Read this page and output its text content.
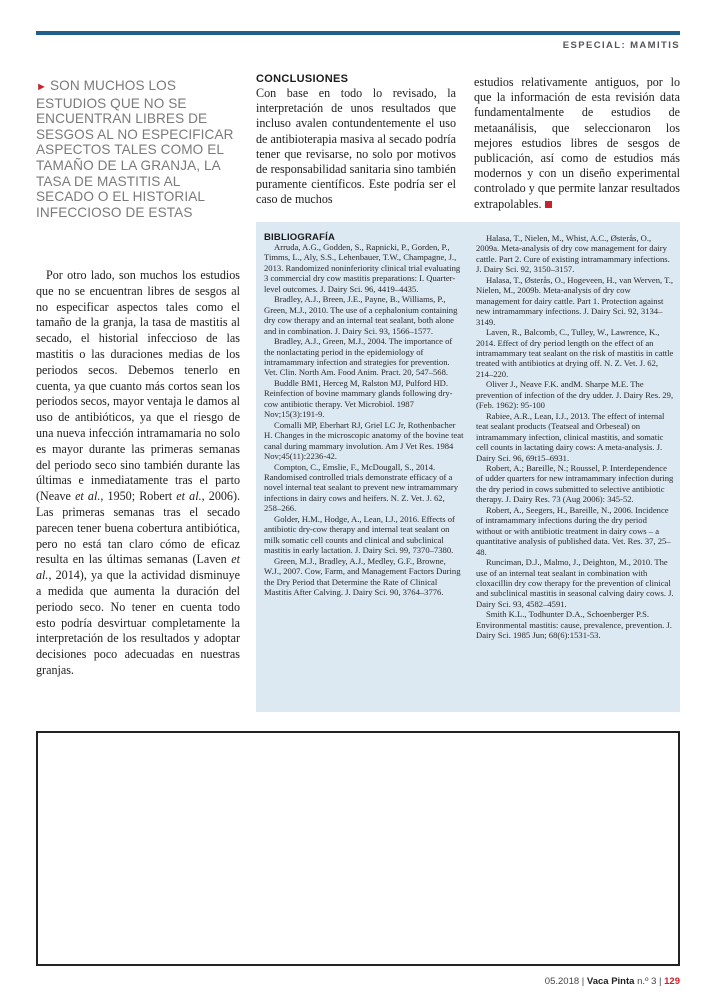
ESPECIAL: MAMITIS
► SON MUCHOS LOS ESTUDIOS QUE NO SE ENCUENTRAN LIBRES DE SESGOS AL NO ESPECIFICAR ASPECTOS TALES COMO EL TAMAÑO DE LA GRANJA, LA TASA DE MASTITIS AL SECADO O EL HISTORIAL INFECCIOSO DE ESTAS
CONCLUSIONES
Con base en todo lo revisado, la interpretación de unos resultados que incluso avalen contundentemente el uso de antibioterapia masiva al secado podría tener que revisarse, no solo por motivos de responsabilidad sanitaria sino también puramente científicos. Este podría ser el caso de muchos
estudios relativamente antiguos, por lo que la información de esta revisión data fundamentalmente de estudios de metaanálisis, que seleccionaron los mejores estudios libres de sesgos de publicación, así como de estudios más modernos y con un diseño experimental controlado y que permite lanzar resultados extrapolables.

Por otro lado, son muchos los estudios que no se encuentran libres de sesgos al no especificar aspectos tales como el tamaño de la granja, la tasa de mastitis al secado, el historial infeccioso de las mastitis o las duraciones medias de los periodos secos. Debemos tenerlo en cuenta, ya que cuanto más cortos sean los periodos secos, mayor ventaja le damos al uso de antibióticos, ya que el riesgo de una nueva infección intramamaria no solo es mayor durante las primeras semanas del periodo seco sino también durante las últimas e inmediatamente tras el parto (Neave et al., 1950; Robert et al., 2006). Las primeras semanas tras el secado parecen tener buena cobertura antibiótica, pero no está tan claro cómo de eficaz resulta en las últimas semanas (Laven et al., 2014), ya que la actividad disminuye a medida que aumenta la duración del periodo seco. No tener en cuenta todo esto podría desvirtuar completamente la interpretación de los resultados y adoptar decisiones poco adecuadas en nuestras granjas.

BIBLIOGRAFÍA

Arruda, A.G., Godden, S., Rapnicki, P., Gorden, P., Timms, L., Aly, S.S., Lehenbauer, T.W., Champagne, J., 2013. Randomized noninferiority clinical trial evaluating 3 commercial dry cow mastitis preparations: I. Quarter-level outcomes. J. Dairy Sci. 96, 4419–4435.

Bradley, A.J., Breen, J.E., Payne, B., Williams, P., Green, M.J., 2010. The use of a cephalonium containing dry cow therapy and an internal teat sealant, both alone and in combination. J. Dairy Sci. 93, 1566–1577.

Bradley, A.J., Green, M.J., 2004. The importance of the nonlactating period in the epidemiology of intramammary infection and strategies for prevention. Vet. Clin. North Am. Food Anim. Pract. 20, 547–568.

Buddle BM1, Herceg M, Ralston MJ, Pulford HD. Reinfection of bovine mammary glands following dry-cow antibiotic therapy. Vet Microbiol. 1987 Nov;15(3):191-9.

Comalli MP, Eberhart RJ, Griel LC Jr, Rothenbacher H. Changes in the microscopic anatomy of the bovine teat canal during mammary involution. Am J Vet Res. 1984 Nov;45(11):2236-42.

Compton, C., Emslie, F., McDougall, S., 2014. Randomised controlled trials demonstrate efficacy of a novel internal teat sealant to prevent new intramammary infections in dairy cows and heifers. N. Z. Vet. J. 62, 258–266.

Golder, H.M., Hodge, A., Lean, I.J., 2016. Effects of antibiotic dry-cow therapy and internal teat sealant on milk somatic cell counts and clinical and subclinical mastitis in early lactation. J. Dairy Sci. 99, 7370–7380.

Green, M.J., Bradley, A.J., Medley, G.F., Browne, W.J., 2007. Cow, Farm, and Management Factors During the Dry Period that Determine the Rate of Clinical Mastitis After Calving. J. Dairy Sci. 90, 3764–3776.

Halasa, T., Nielen, M., Whist, A.C., Østerås, O., 2009a. Meta-analysis of dry cow management for dairy cattle. Part 2. Cure of existing intramammary infections. J. Dairy Sci. 92, 3150–3157.

Halasa, T., Østerås, O., Hogeveen, H., van Werven, T., Nielen, M., 2009b. Meta-analysis of dry cow management for dairy cattle. Part 1. Protection against new intramammary infections. J. Dairy Sci. 92, 3134–3149.

Laven, R., Balcomb, C., Tulley, W., Lawrence, K., 2014. Effect of dry period length on the effect of an intramammary teat sealant on the risk of mastitis in cattle treated with antibiotics at drying off. N. Z. Vet. J. 62, 214–220.

Oliver J., Neave F.K. andM. Sharpe M.E. The prevention of infection of the dry udder. J. Dairy Res. 29, (Feb. 1962): 95-100

Rabiee, A.R., Lean, I.J., 2013. The effect of internal teat sealant products (Teatseal and Orbeseal) on intramammary infection, clinical mastitis, and somatic cell counts in lactating dairy cows: A meta-analysis. J. Dairy Sci. 96, 69t15–6931.

Robert, A.; Bareille, N.; Roussel, P. Interdependence of udder quarters for new intramammary infection during the dry period in cows submitted to selective antibiotic therapy. J. Dairy Res. 73 (Aug 2006): 345-52.

Robert, A., Seegers, H., Bareille, N., 2006. Incidence of intramammary infections during the dry period without or with antibiotic treatment in dairy cows – a quantitative analysis of published data. Vet. Res. 37, 25–48.

Runciman, D.J., Malmo, J., Deighton, M., 2010. The use of an internal teat sealant in combination with cloxacillin dry cow therapy for the prevention of clinical and subclinical mastitis in seasonal calving dairy cows. J. Dairy Sci. 93, 4582–4591.

Smith K.L., Todhunter D.A., Schoenberger P.S. Environmental mastitis: cause, prevalence, prevention. J. Dairy Sci. 1985 Jun; 68(6):1531-53.

05.2018 | Vaca Pinta n.º 3 | 129
